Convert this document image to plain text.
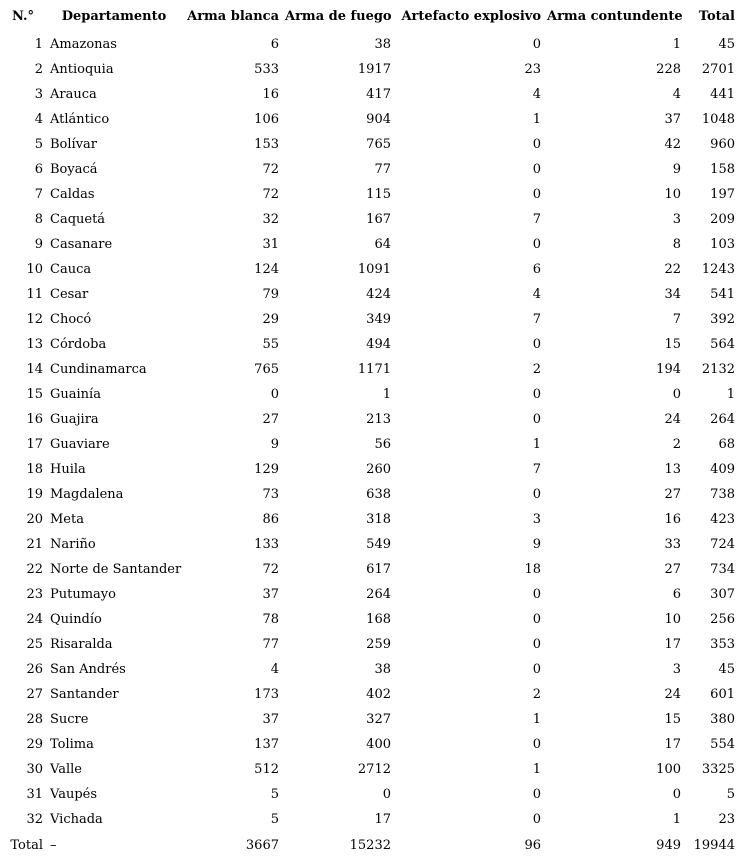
N.°	Departamento	Arma blanca	Arma de fuego	Artefacto explosivo	Arma contundente	Total
1	Amazonas	6	38	0	1	45
2	Antioquia	533	1917	23	228	2701
3	Arauca	16	417	4	4	441
4	Atlántico	106	904	1	37	1048
5	Bolívar	153	765	0	42	960
6	Boyacá	72	77	0	9	158
7	Caldas	72	115	0	10	197
8	Caquetá	32	167	7	3	209
9	Casanare	31	64	0	8	103
10	Cauca	124	1091	6	22	1243
11	Cesar	79	424	4	34	541
12	Chocó	29	349	7	7	392
13	Córdoba	55	494	0	15	564
14	Cundinamarca	765	1171	2	194	2132
15	Guainía	0	1	0	0	1
16	Guajira	27	213	0	24	264
17	Guaviare	9	56	1	2	68
18	Huila	129	260	7	13	409
19	Magdalena	73	638	0	27	738
20	Meta	86	318	3	16	423
21	Nariño	133	549	9	33	724
22	Norte de Santander	72	617	18	27	734
23	Putumayo	37	264	0	6	307
24	Quindío	78	168	0	10	256
25	Risaralda	77	259	0	17	353
26	San Andrés	4	38	0	3	45
27	Santander	173	402	2	24	601
28	Sucre	37	327	1	15	380
29	Tolima	137	400	0	17	554
30	Valle	512	2712	1	100	3325
31	Vaupés	5	0	0	0	5
32	Vichada	5	17	0	1	23
Total	–	3667	15232	96	949	19944
